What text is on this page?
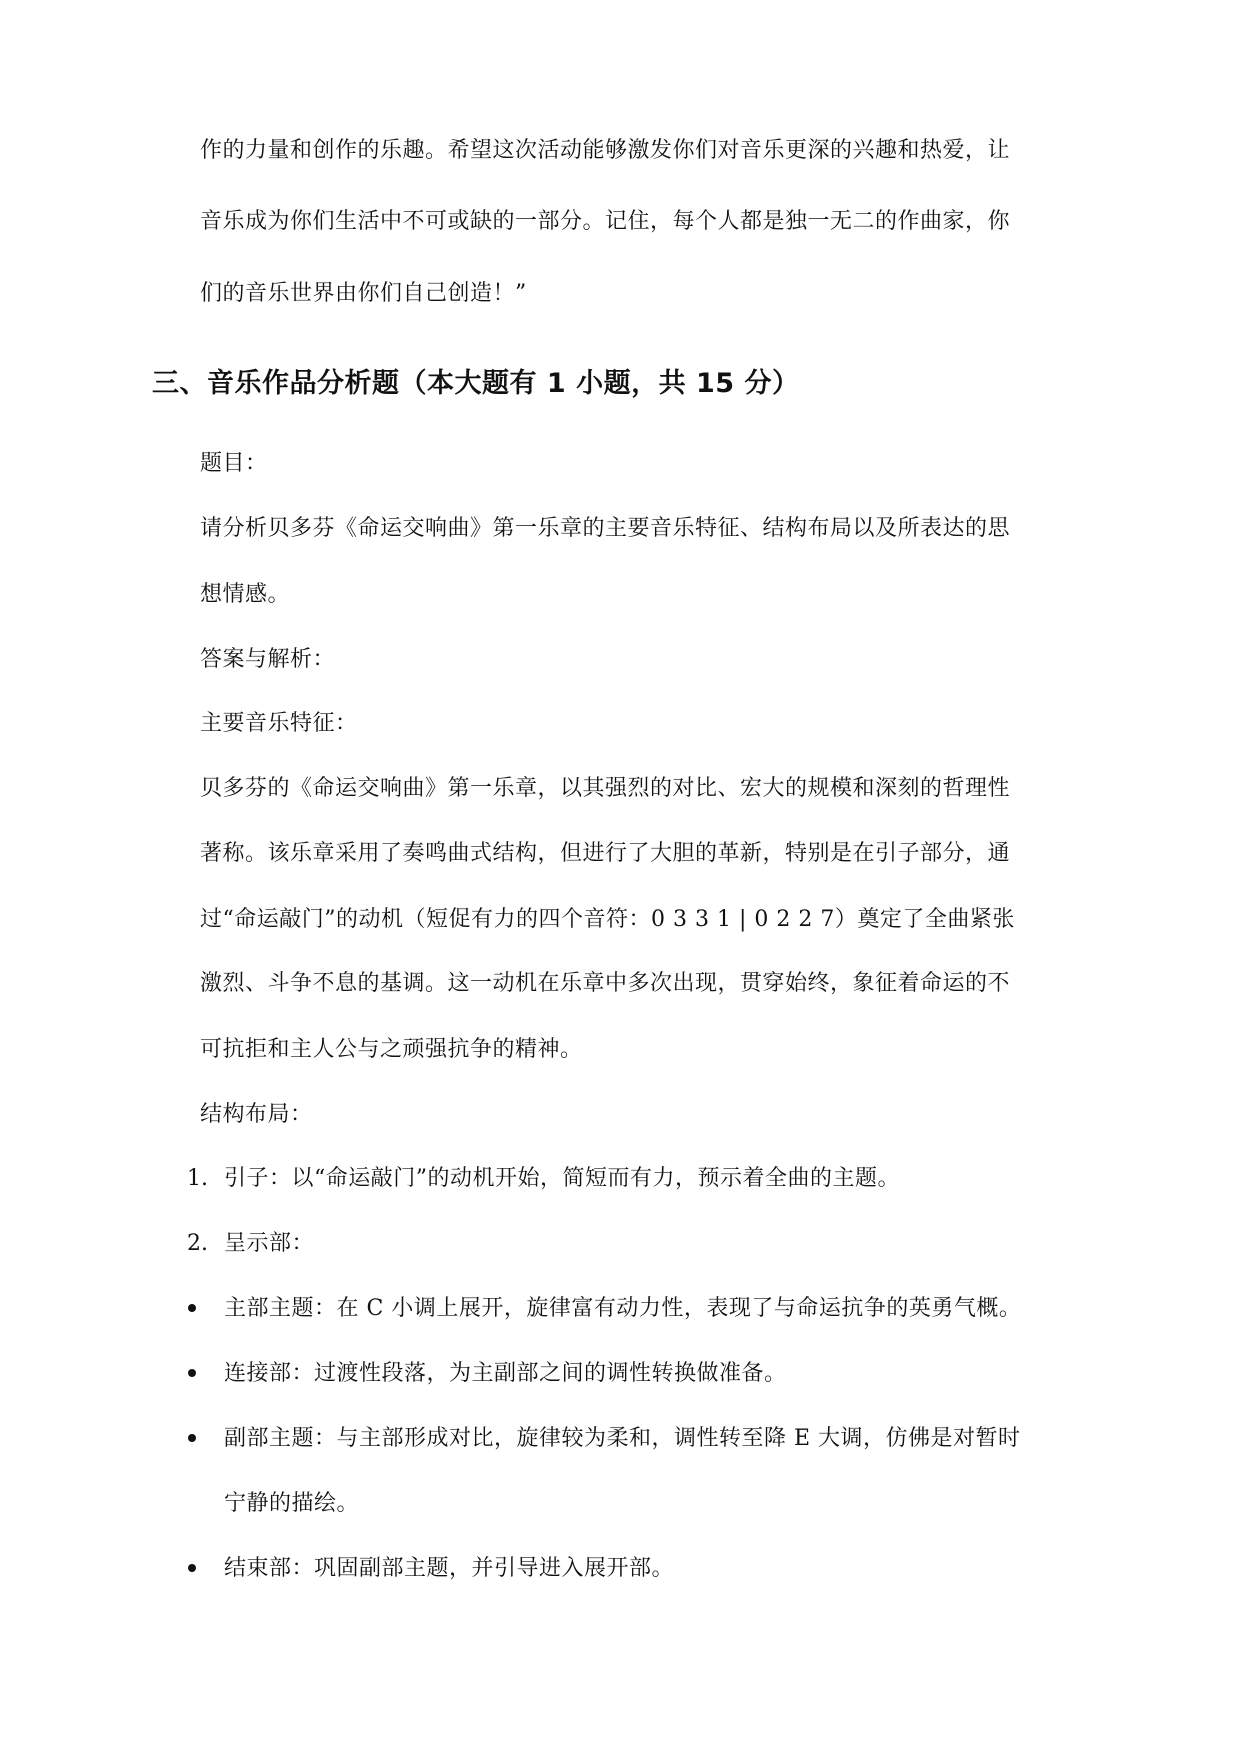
作的力量和创作的乐趣。希望这次活动能够激发你们对音乐更深的兴趣和热爱，让
音乐成为你们生活中不可或缺的一部分。记住，每个人都是独一无二的作曲家，你
们的音乐世界由你们自己创造！”
三、音乐作品分析题（本大题有 1 小题，共 15 分）
题目：
请分析贝多芬《命运交响曲》第一乐章的主要音乐特征、结构布局以及所表达的思
想情感。
答案与解析：
主要音乐特征：
贝多芬的《命运交响曲》第一乐章，以其强烈的对比、宏大的规模和深刻的哲理性
著称。该乐章采用了奏鸣曲式结构，但进行了大胆的革新，特别是在引子部分，通
过“命运敲门”的动机（短促有力的四个音符：0 3 3 1 | 0 2 2 7）奠定了全曲紧张
激烈、斗争不息的基调。这一动机在乐章中多次出现，贯穿始终，象征着命运的不
可抗拒和主人公与之顽强抗争的精神。
结构布局：
1. 引子：以“命运敲门”的动机开始，简短而有力，预示着全曲的主题。
2. 呈示部：
主部主题：在 C 小调上展开，旋律富有动力性，表现了与命运抗争的英勇气概。
连接部：过渡性段落，为主副部之间的调性转换做准备。
副部主题：与主部形成对比，旋律较为柔和，调性转至降 E 大调，仿佛是对暂时
宁静的描绘。
结束部：巩固副部主题，并引导进入展开部。
